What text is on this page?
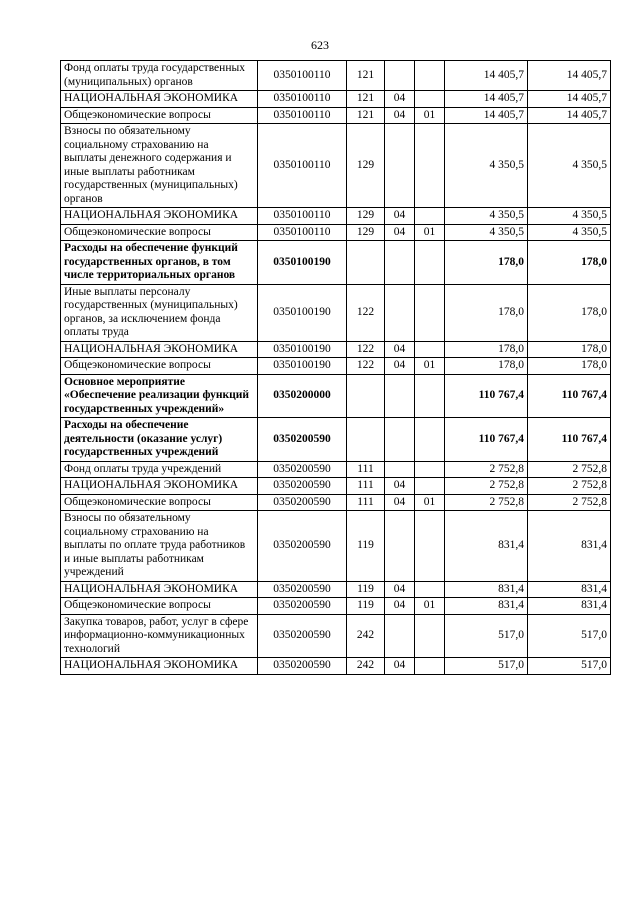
623
Фонд оплаты труда государственных (муниципальных) органов	0350100110	121			14 405,7	14 405,7
НАЦИОНАЛЬНАЯ ЭКОНОМИКА	0350100110	121	04		14 405,7	14 405,7
Общеэкономические вопросы	0350100110	121	04	01	14 405,7	14 405,7
Взносы по обязательному социальному страхованию на выплаты денежного содержания и иные выплаты работникам государственных (муниципальных) органов	0350100110	129			4 350,5	4 350,5
НАЦИОНАЛЬНАЯ ЭКОНОМИКА	0350100110	129	04		4 350,5	4 350,5
Общеэкономические вопросы	0350100110	129	04	01	4 350,5	4 350,5
Расходы на обеспечение функций государственных органов, в том числе территориальных органов	0350100190				178,0	178,0
Иные выплаты персоналу государственных (муниципальных) органов, за исключением фонда оплаты труда	0350100190	122			178,0	178,0
НАЦИОНАЛЬНАЯ ЭКОНОМИКА	0350100190	122	04		178,0	178,0
Общеэкономические вопросы	0350100190	122	04	01	178,0	178,0
Основное мероприятие «Обеспечение реализации функций государственных учреждений»	0350200000				110 767,4	110 767,4
Расходы на обеспечение деятельности (оказание услуг) государственных учреждений	0350200590				110 767,4	110 767,4
Фонд оплаты труда учреждений	0350200590	111			2 752,8	2 752,8
НАЦИОНАЛЬНАЯ ЭКОНОМИКА	0350200590	111	04		2 752,8	2 752,8
Общеэкономические вопросы	0350200590	111	04	01	2 752,8	2 752,8
Взносы по обязательному социальному страхованию на выплаты по оплате труда работников и иные выплаты работникам учреждений	0350200590	119			831,4	831,4
НАЦИОНАЛЬНАЯ ЭКОНОМИКА	0350200590	119	04		831,4	831,4
Общеэкономические вопросы	0350200590	119	04	01	831,4	831,4
Закупка товаров, работ, услуг в сфере информационно-коммуникационных технологий	0350200590	242			517,0	517,0
НАЦИОНАЛЬНАЯ ЭКОНОМИКА	0350200590	242	04		517,0	517,0
